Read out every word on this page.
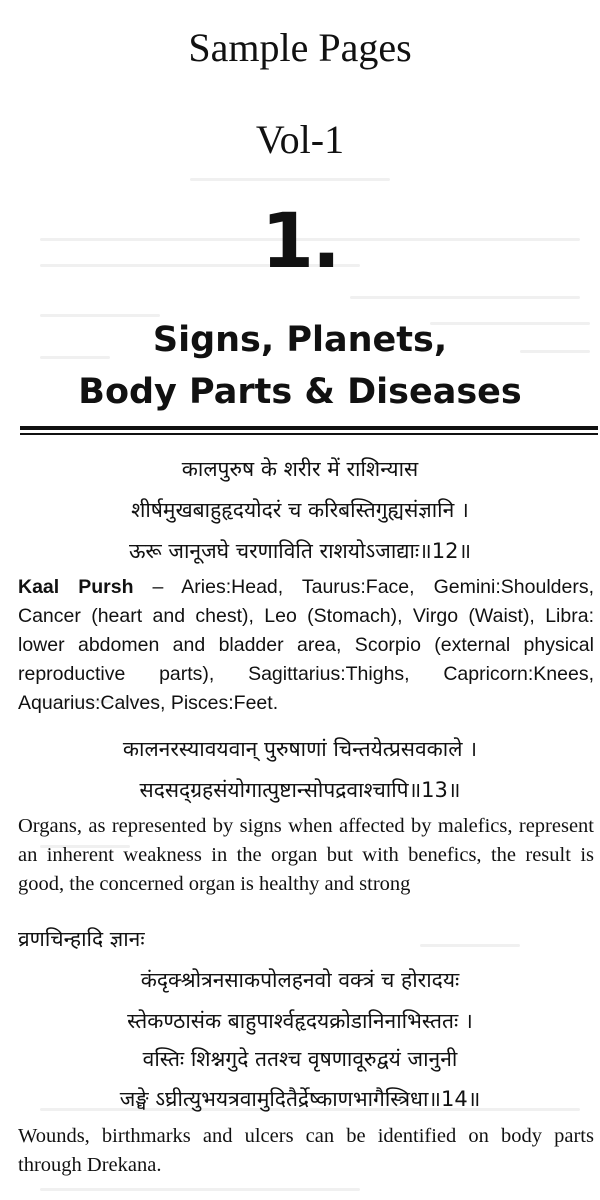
Sample Pages
Vol-1
1.
Signs, Planets,
Body Parts & Diseases
कालपुरुष के शरीर में राशिन्यास
शीर्षमुखबाहुहृदयोदरं च करिबस्तिगुह्यसंज्ञानि ।
ऊरू जानूजघे चरणाविति राशयोऽजाद्याः॥12॥
Kaal Pursh – Aries:Head, Taurus:Face, Gemini:Shoulders, Cancer (heart and chest), Leo (Stomach), Virgo (Waist), Libra: lower abdomen and bladder area, Scorpio (external physical reproductive parts), Sagittarius:Thighs, Capricorn:Knees, Aquarius:Calves, Pisces:Feet.
कालनरस्यावयवान् पुरुषाणां चिन्तयेत्प्रसवकाले ।
सदसद्ग्रहसंयोगात्पुष्टान्सोपद्रवाश्चापि॥13॥
Organs, as represented by signs when affected by malefics, represent an inherent weakness in the organ but with benefics, the result is good, the concerned organ is healthy and strong
व्रणचिन्हादि ज्ञानः
कंदृक्श्रोत्रनसाकपोलहनवो वक्त्रं च होरादयः
स्तेकण्ठासंक बाहुपार्श्वहृदयक्रोडानिनाभिस्ततः ।
वस्तिः शिश्नगुदे ततश्च वृषणावूरुद्वयं जानुनी
जङ्घे ऽघ्रीत्युभयत्रवामुदितैर्द्रेष्काणभागैस्त्रिधा॥14॥
Wounds, birthmarks and ulcers can be identified on body parts through Drekana.
